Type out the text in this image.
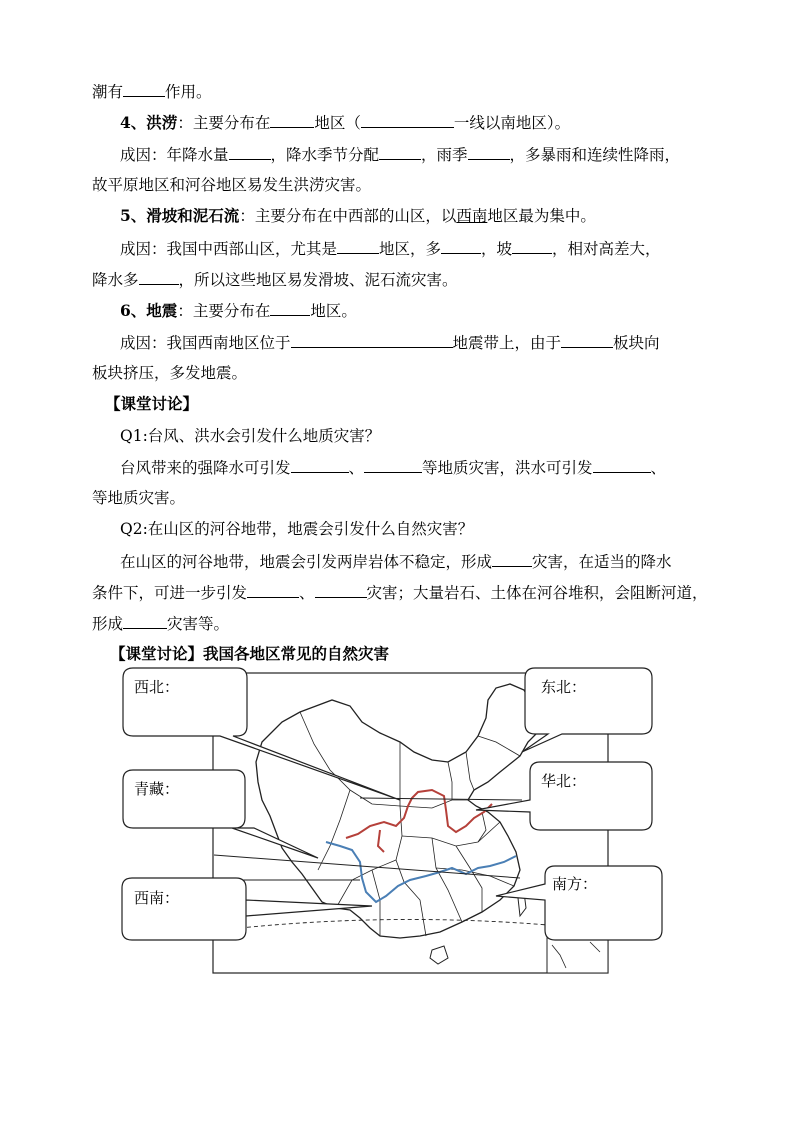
潮有	作用。
4、洪涝：主要分布在	地区（	一线以南地区）。
成因：年降水量	，降水季节分配	，雨季	，多暴雨和连续性降雨，
故平原地区和河谷地区易发生洪涝灾害。
5、滑坡和泥石流：主要分布在中西部的山区，以西南地区最为集中。
成因：我国中西部山区，尤其是	地区，多	，坡	，相对高差大，
降水多	，所以这些地区易发滑坡、泥石流灾害。
6、地震：主要分布在	地区。
成因：我国西南地区位于	地震带上，由于	板块向
板块挤压，多发地震。
【课堂讨论】
Q1:台风、洪水会引发什么地质灾害？
台风带来的强降水可引发	、	等地质灾害，洪水可引发	、
等地质灾害。
Q2:在山区的河谷地带，地震会引发什么自然灾害？
在山区的河谷地带，地震会引发两岸岩体不稳定，形成	灾害，在适当的降水
条件下，可进一步引发	、	灾害；大量岩石、土体在河谷堆积，会阻断河道，
形成	灾害等。
【课堂讨论】我国各地区常见的自然灾害
西北：	东北：
青藏：	华北：
西南：
南方：
